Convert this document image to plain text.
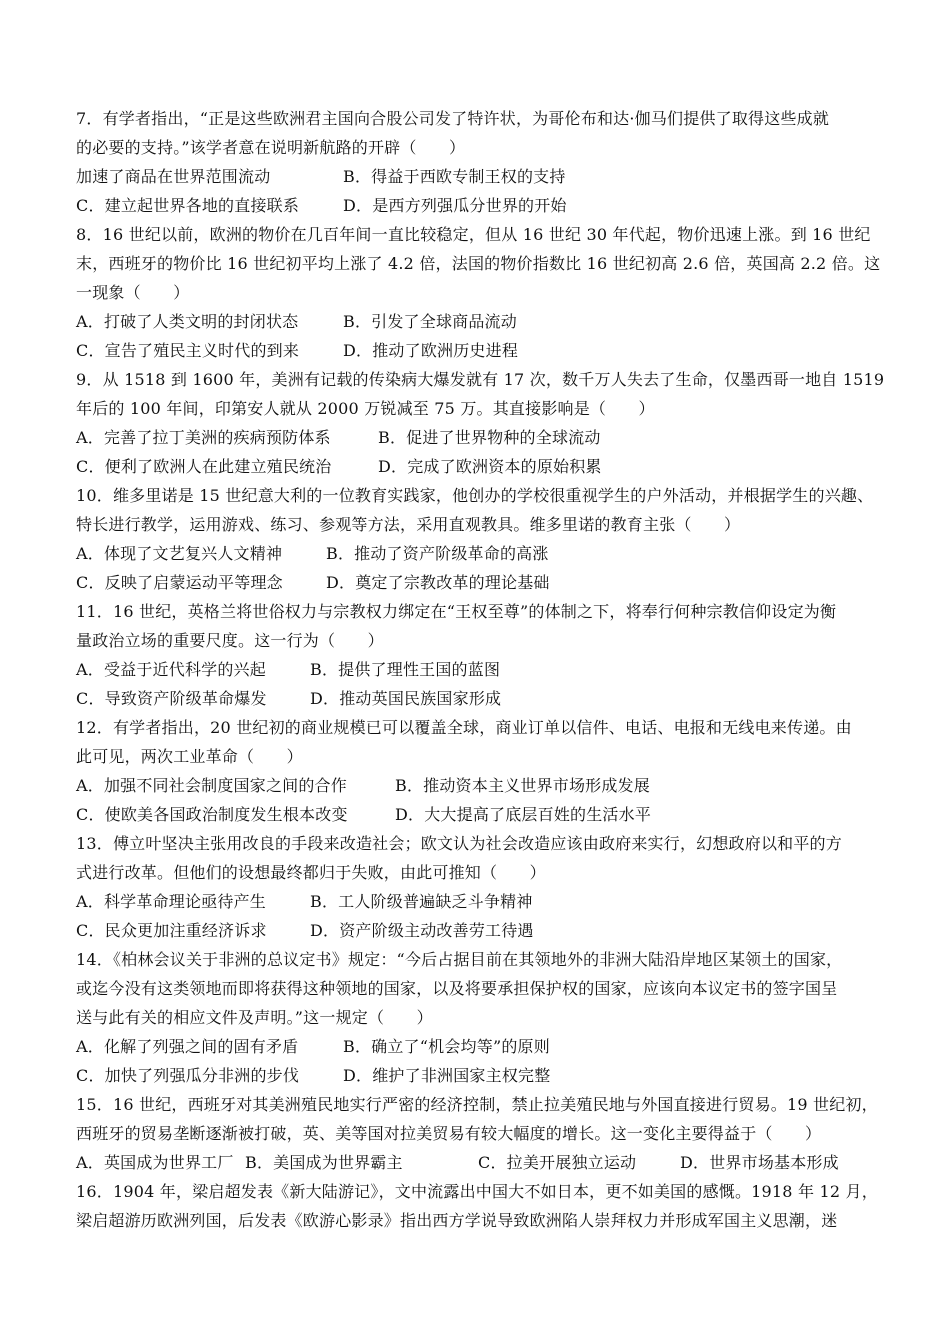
7．有学者指出，“正是这些欧洲君主国向合股公司发了特许状，为哥伦布和达·伽马们提供了取得这些成就
的必要的支持。”该学者意在说明新航路的开辟（　　）
加速了商品在世界范围流动	B．得益于西欧专制王权的支持
C．建立起世界各地的直接联系	D．是西方列强瓜分世界的开始
8．16 世纪以前，欧洲的物价在几百年间一直比较稳定，但从 16 世纪 30 年代起，物价迅速上涨。到 16 世纪
末，西班牙的物价比 16 世纪初平均上涨了 4.2 倍，法国的物价指数比 16 世纪初高 2.6 倍，英国高 2.2 倍。这
一现象（　　）
A．打破了人类文明的封闭状态	B．引发了全球商品流动
C．宣告了殖民主义时代的到来	D．推动了欧洲历史进程
9．从 1518 到 1600 年，美洲有记载的传染病大爆发就有 17 次，数千万人失去了生命，仅墨西哥一地自 1519
年后的 100 年间，印第安人就从 2000 万锐减至 75 万。其直接影响是（　　）
A．完善了拉丁美洲的疾病预防体系	B．促进了世界物种的全球流动
C．便利了欧洲人在此建立殖民统治	D．完成了欧洲资本的原始积累
10．维多里诺是 15 世纪意大利的一位教育实践家，他创办的学校很重视学生的户外活动，并根据学生的兴趣、
特长进行教学，运用游戏、练习、参观等方法，采用直观教具。维多里诺的教育主张（　　）
A．体现了文艺复兴人文精神	B．推动了资产阶级革命的高涨
C．反映了启蒙运动平等理念	D．奠定了宗教改革的理论基础
11．16 世纪，英格兰将世俗权力与宗教权力绑定在“王权至尊”的体制之下，将奉行何种宗教信仰设定为衡
量政治立场的重要尺度。这一行为（　　）
A．受益于近代科学的兴起	B．提供了理性王国的蓝图
C．导致资产阶级革命爆发	D．推动英国民族国家形成
12．有学者指出，20 世纪初的商业规模已可以覆盖全球，商业订单以信件、电话、电报和无线电来传递。由
此可见，两次工业革命（　　）
A．加强不同社会制度国家之间的合作	B．推动资本主义世界市场形成发展
C．使欧美各国政治制度发生根本改变	D．大大提高了底层百姓的生活水平
13．傅立叶坚决主张用改良的手段来改造社会；欧文认为社会改造应该由政府来实行，幻想政府以和平的方
式进行改革。但他们的设想最终都归于失败，由此可推知（　　）
A．科学革命理论亟待产生	B．工人阶级普遍缺乏斗争精神
C．民众更加注重经济诉求	D．资产阶级主动改善劳工待遇
14．《柏林会议关于非洲的总议定书》规定：“今后占据目前在其领地外的非洲大陆沿岸地区某领土的国家，
或迄今没有这类领地而即将获得这种领地的国家，以及将要承担保护权的国家，应该向本议定书的签字国呈
送与此有关的相应文件及声明。”这一规定（　　）
A．化解了列强之间的固有矛盾	B．确立了“机会均等”的原则
C．加快了列强瓜分非洲的步伐	D．维护了非洲国家主权完整
15．16 世纪，西班牙对其美洲殖民地实行严密的经济控制，禁止拉美殖民地与外国直接进行贸易。19 世纪初，
西班牙的贸易垄断逐渐被打破，英、美等国对拉美贸易有较大幅度的增长。这一变化主要得益于（　　）
A．英国成为世界工厂 B．美国成为世界霸主	C．拉美开展独立运动	D．世界市场基本形成
16．1904 年，梁启超发表《新大陆游记》，文中流露出中国大不如日本，更不如美国的感慨。1918 年 12 月，
梁启超游历欧洲列国，后发表《欧游心影录》指出西方学说导致欧洲陷人崇拜权力并形成军国主义思潮，迷
